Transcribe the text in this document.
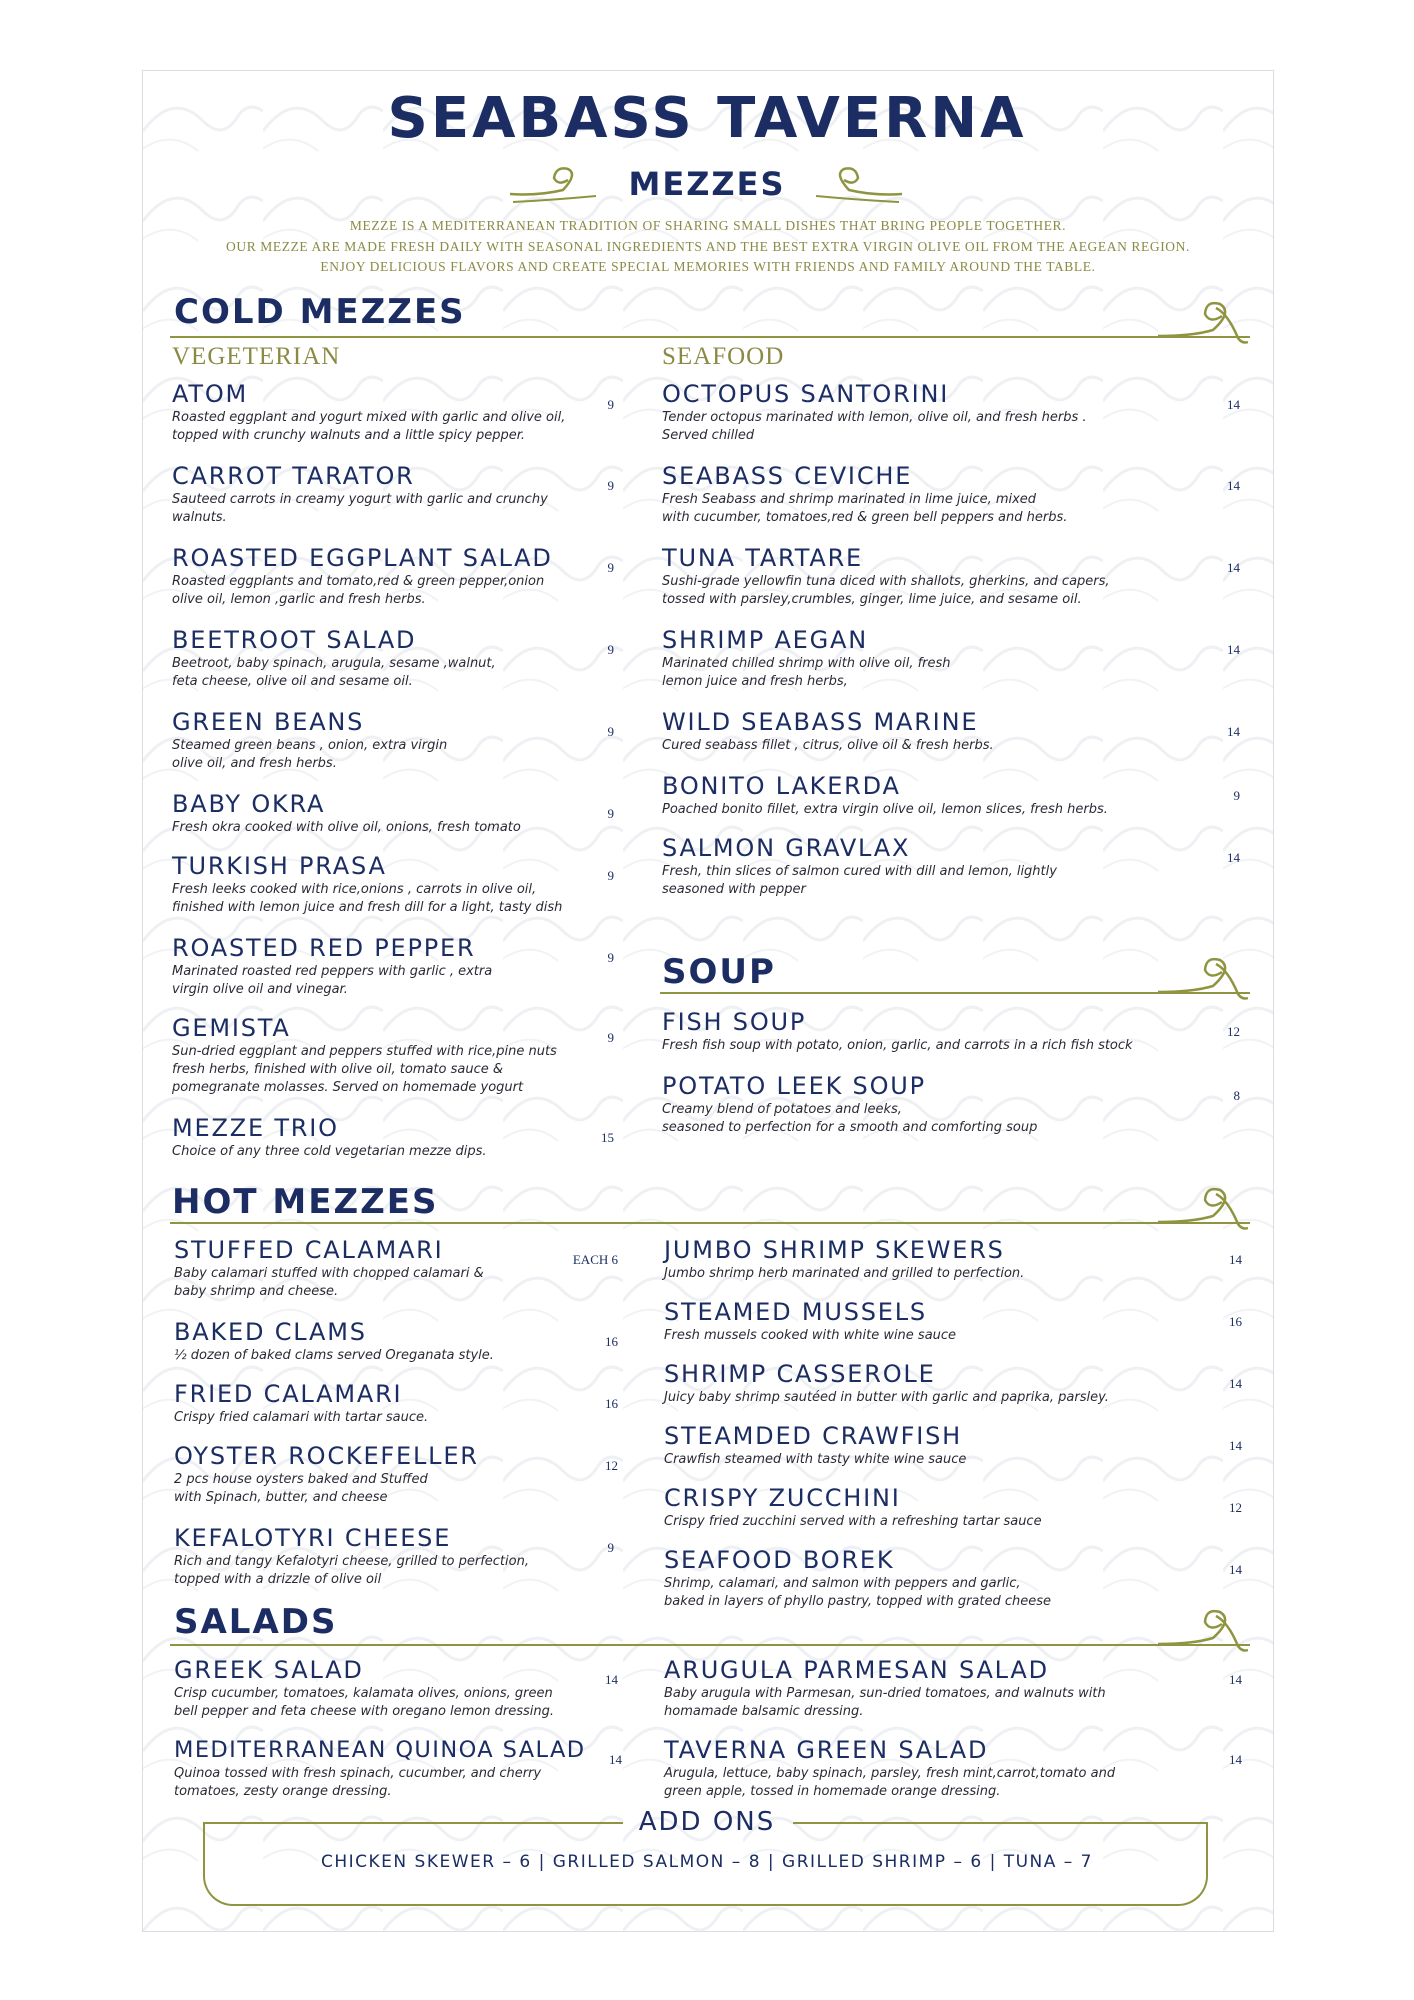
SEABASS TAVERNA
MEZZES
MEZZE IS A MEDITERRANEAN TRADITION OF SHARING SMALL DISHES THAT BRING PEOPLE TOGETHER.
OUR MEZZE ARE MADE FRESH DAILY WITH SEASONAL INGREDIENTS AND THE BEST EXTRA VIRGIN OLIVE OIL FROM THE AEGEAN REGION.
ENJOY DELICIOUS FLAVORS AND CREATE SPECIAL MEMORIES WITH FRIENDS AND FAMILY AROUND THE TABLE.
COLD MEZZES
VEGETERIAN	SEAFOOD
SOUP
HOT MEZZES
SALADS
ATOM
Roasted eggplant and yogurt mixed with garlic and olive oil,
topped with crunchy walnuts and a little spicy pepper.
9
CARROT TARATOR
Sauteed carrots in creamy yogurt with garlic and crunchy
walnuts.
9
ROASTED EGGPLANT SALAD
Roasted eggplants and tomato,red & green pepper,onion
olive oil, lemon ,garlic and fresh herbs.
9
BEETROOT SALAD
Beetroot, baby spinach, arugula, sesame ,walnut,
feta cheese, olive oil and sesame oil.
9
GREEN BEANS
Steamed green beans , onion, extra virgin
olive oil, and fresh herbs.
9
BABY OKRA
Fresh okra cooked with olive oil, onions, fresh tomato
9
TURKISH PRASA
Fresh leeks cooked with rice,onions , carrots in olive oil,
finished with lemon juice and fresh dill for a light, tasty dish
9
ROASTED RED PEPPER
Marinated roasted red peppers with garlic , extra
virgin olive oil and vinegar.
9
GEMISTA
Sun-dried eggplant and peppers stuffed with rice,pine nuts
fresh herbs, finished with olive oil, tomato sauce &
pomegranate molasses. Served on homemade yogurt
9
MEZZE TRIO
Choice of any three cold vegetarian mezze dips.
15
OCTOPUS SANTORINI
Tender octopus marinated with lemon, olive oil, and fresh herbs .
Served chilled
14
SEABASS CEVICHE
Fresh Seabass and shrimp marinated in lime juice, mixed
with cucumber, tomatoes,red & green bell peppers and herbs.
14
TUNA TARTARE
Sushi-grade yellowfin tuna diced with shallots, gherkins, and capers,
tossed with parsley,crumbles, ginger, lime juice, and sesame oil.
14
SHRIMP AEGAN
Marinated chilled shrimp with olive oil, fresh
lemon juice and fresh herbs,
14
WILD SEABASS MARINE
Cured seabass fillet , citrus, olive oil & fresh herbs.
14
BONITO LAKERDA
Poached bonito fillet, extra virgin olive oil, lemon slices, fresh herbs.
9
SALMON GRAVLAX
Fresh, thin slices of salmon cured with dill and lemon, lightly
seasoned with pepper
14
FISH SOUP
Fresh fish soup with potato, onion, garlic, and carrots in a rich fish stock
12
POTATO LEEK SOUP
Creamy blend of potatoes and leeks,
seasoned to perfection for a smooth and comforting soup
8
STUFFED CALAMARI
Baby calamari stuffed with chopped calamari &
baby shrimp and cheese.
EACH 6
BAKED CLAMS
½ dozen of baked clams served Oreganata style.
16
FRIED CALAMARI
Crispy fried calamari with tartar sauce.
16
OYSTER ROCKEFELLER
2 pcs house oysters baked and Stuffed
with Spinach, butter, and cheese
12
KEFALOTYRI CHEESE
Rich and tangy Kefalotyri cheese, grilled to perfection,
topped with a drizzle of olive oil
9
JUMBO SHRIMP SKEWERS
Jumbo shrimp herb marinated and grilled to perfection.
14
STEAMED MUSSELS
Fresh mussels cooked with white wine sauce
16
SHRIMP CASSEROLE
Juicy baby shrimp sautéed in butter with garlic and paprika, parsley.
14
STEAMDED CRAWFISH
Crawfish steamed with tasty white wine sauce
14
CRISPY ZUCCHINI
Crispy fried zucchini served with a refreshing tartar sauce
12
SEAFOOD BOREK
Shrimp, calamari, and salmon with peppers and garlic,
baked in layers of phyllo pastry, topped with grated cheese
14
GREEK SALAD
Crisp cucumber, tomatoes, kalamata olives, onions, green
bell pepper and feta cheese with oregano lemon dressing.
14
MEDITERRANEAN QUINOA SALAD
Quinoa tossed with fresh spinach, cucumber, and cherry
tomatoes, zesty orange dressing.
14
ARUGULA PARMESAN SALAD
Baby arugula with Parmesan, sun-dried tomatoes, and walnuts with
homamade balsamic dressing.
14
TAVERNA GREEN SALAD
Arugula, lettuce, baby spinach, parsley, fresh mint,carrot,tomato and
green apple, tossed in homemade orange dressing.
14
ADD ONS
CHICKEN SKEWER – 6 | GRILLED SALMON – 8 | GRILLED SHRIMP – 6 | TUNA – 7
